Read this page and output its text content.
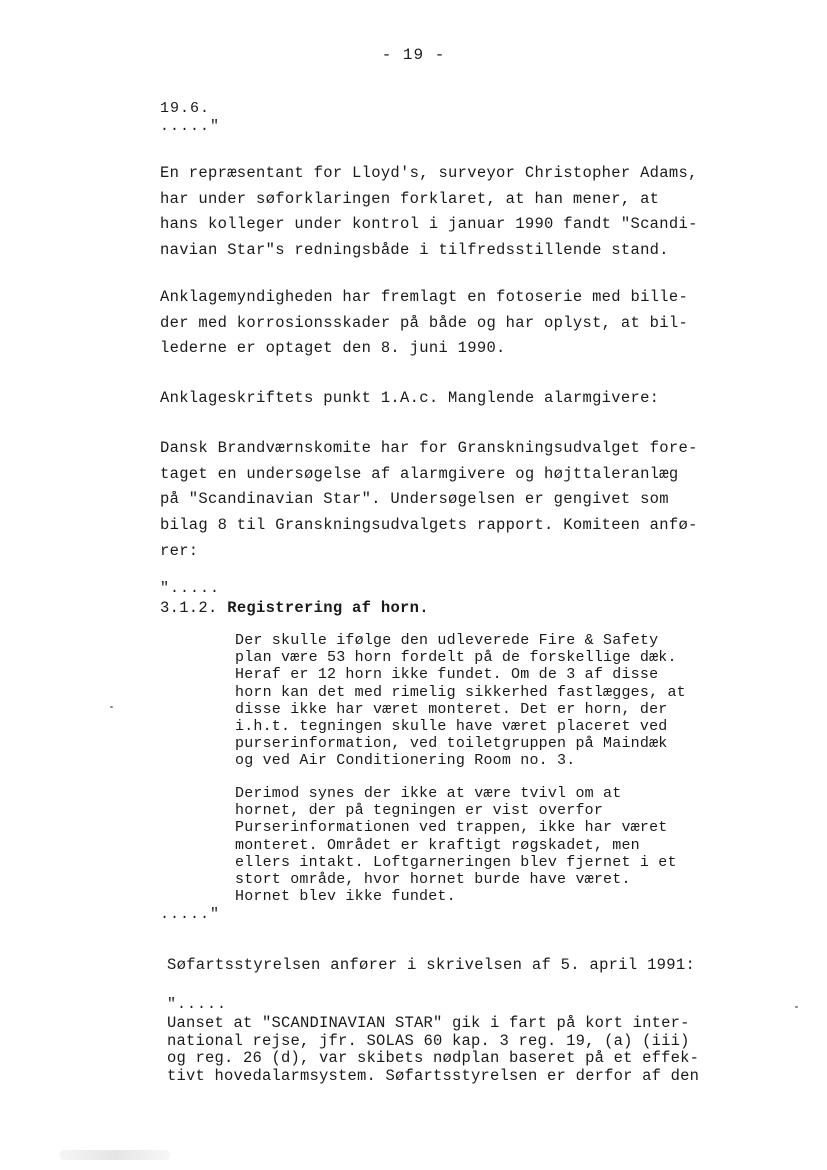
- 19 -
19.6.
....."
En repræsentant for Lloyd's, surveyor Christopher Adams,
har under søforklaringen forklaret, at han mener, at
hans kolleger under kontrol i januar 1990 fandt "Scandi-
navian Star"s redningsbåde i tilfredsstillende stand.
Anklagemyndigheden har fremlagt en fotoserie med bille-
der med korrosionsskader på både og har oplyst, at bil-
lederne er optaget den 8. juni 1990.
Anklageskriftets punkt 1.A.c. Manglende alarmgivere:
Dansk Brandværnskomite har for Granskningsudvalget fore-
taget en undersøgelse af alarmgivere og højttaleranlæg
på "Scandinavian Star". Undersøgelsen er gengivet som
bilag 8 til Granskningsudvalgets rapport. Komiteen anfø-
rer:
".....
3.1.2. Registrering af horn.
Der skulle ifølge den udleverede Fire & Safety
plan være 53 horn fordelt på de forskellige dæk.
Heraf er 12 horn ikke fundet. Om de 3 af disse
horn kan det med rimelig sikkerhed fastlægges, at
disse ikke har været monteret. Det er horn, der
i.h.t. tegningen skulle have været placeret ved
purserinformation, ved toiletgruppen på Maindæk
og ved Air Conditionering Room no. 3.
Derimod synes der ikke at være tvivl om at
hornet, der på tegningen er vist overfor
Purserinformationen ved trappen, ikke har været
monteret. Området er kraftigt røgskadet, men
ellers intakt. Loftgarneringen blev fjernet i et
stort område, hvor hornet burde have været.
Hornet blev ikke fundet.
....."
Søfartsstyrelsen anfører i skrivelsen af 5. april 1991:
".....
Uanset at "SCANDINAVIAN STAR" gik i fart på kort inter-
national rejse, jfr. SOLAS 60 kap. 3 reg. 19, (a) (iii)
og reg. 26 (d), var skibets nødplan baseret på et effek-
tivt hovedalarmsystem. Søfartsstyrelsen er derfor af den
